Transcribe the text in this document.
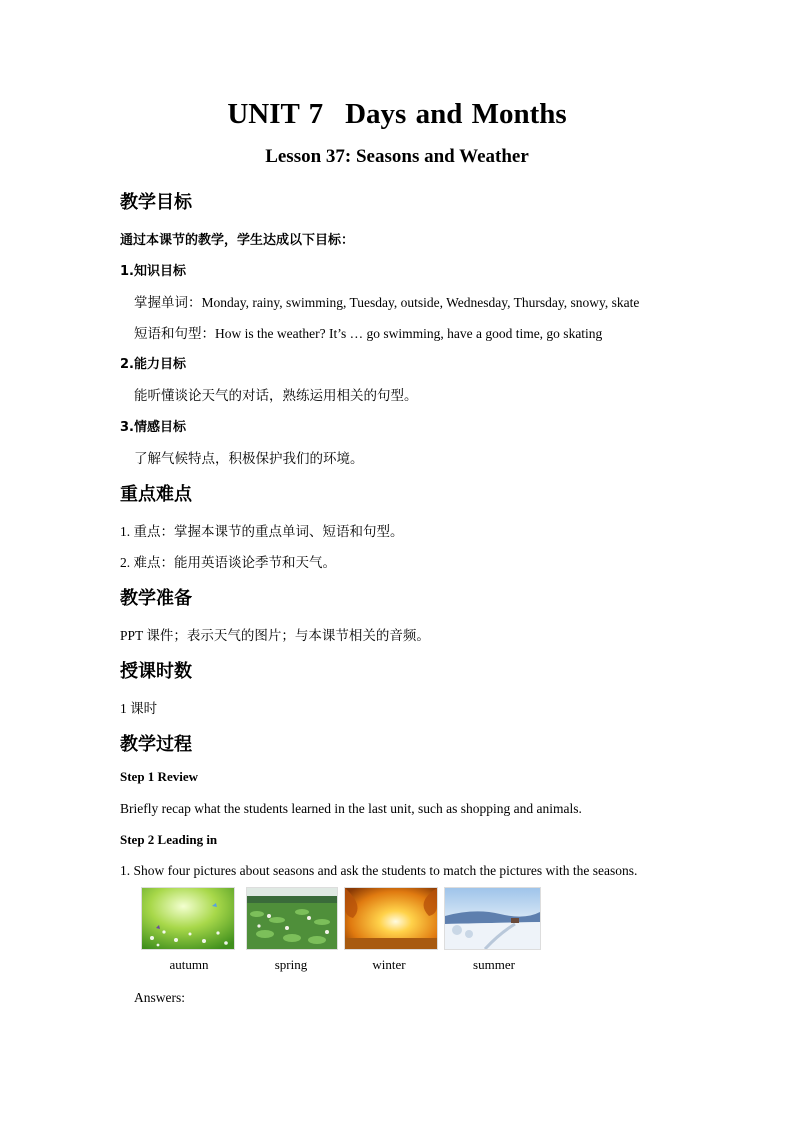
UNIT 7 Days and Months
Lesson 37: Seasons and Weather
教学目标
通过本课节的教学，学生达成以下目标：
1.知识目标
掌握单词：Monday, rainy, swimming, Tuesday, outside, Wednesday, Thursday, snowy, skate
短语和句型：How is the weather? It’s … go swimming, have a good time, go skating
2.能力目标
能听懂谈论天气的对话，熟练运用相关的句型。
3.情感目标
了解气候特点，积极保护我们的环境。
重点难点
1. 重点：掌握本课节的重点单词、短语和句型。
2. 难点：能用英语谈论季节和天气。
教学准备
PPT 课件；表示天气的图片；与本课节相关的音频。
授课时数
1 课时
教学过程
Step 1 Review
Briefly recap what the students learned in the last unit, such as shopping and animals.
Step 2 Leading in
1. Show four pictures about seasons and ask the students to match the pictures with the seasons.
autumn	spring	winter	summer
Answers:
